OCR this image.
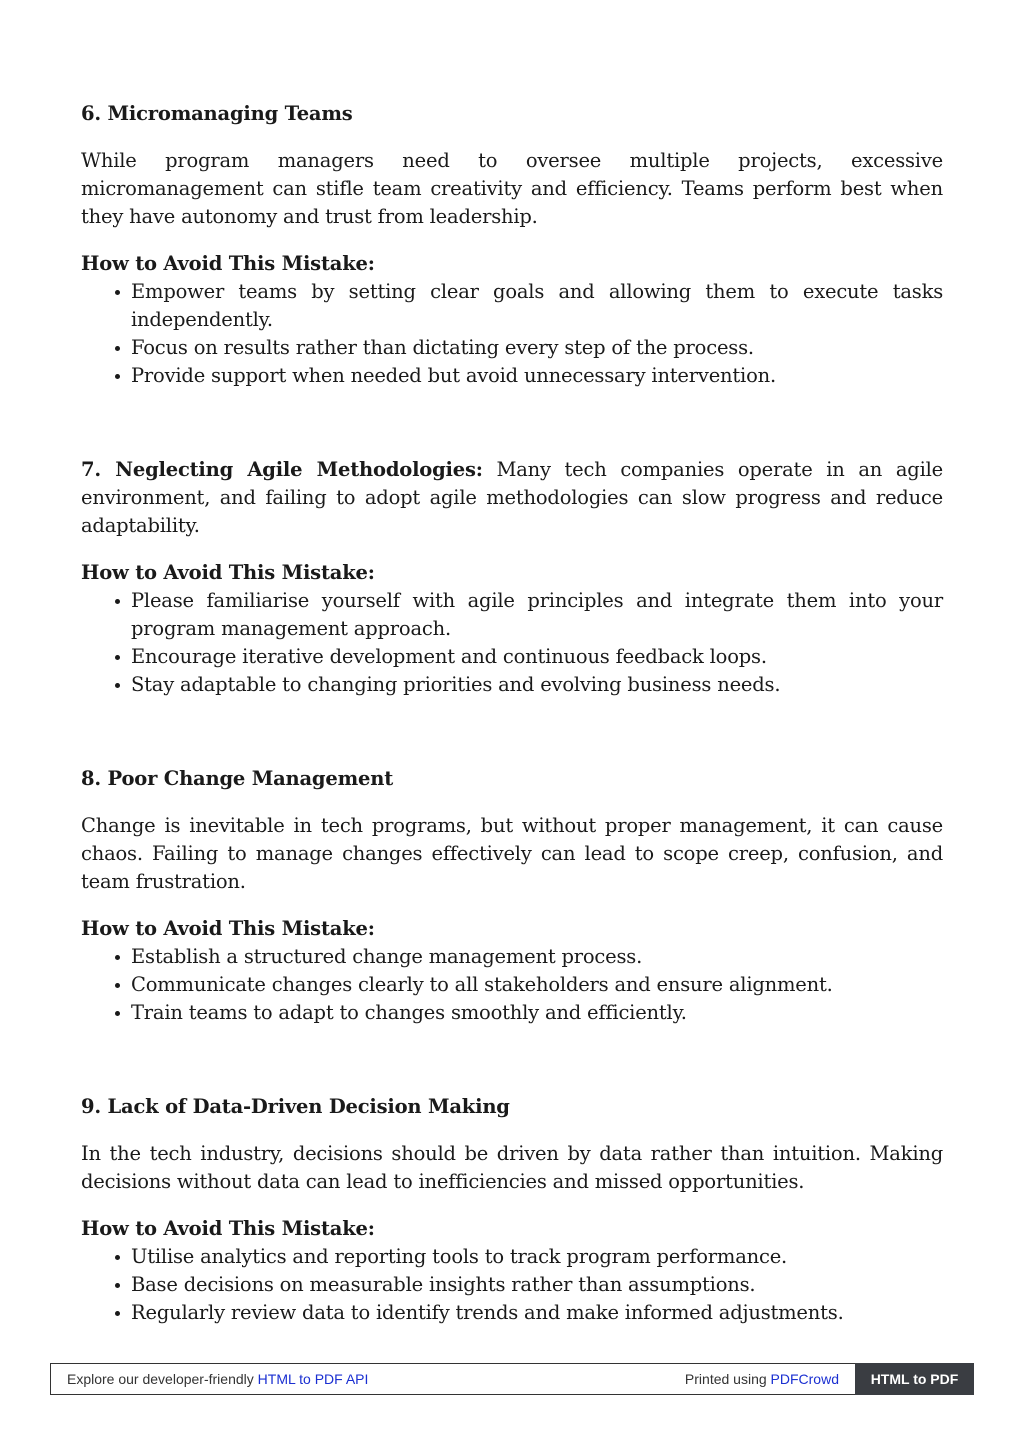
6. Micromanaging Teams

While program managers need to oversee multiple projects, excessive micromanagement can stifle team creativity and efficiency. Teams perform best when they have autonomy and trust from leadership.

How to Avoid This Mistake:

Empower teams by setting clear goals and allowing them to execute tasks independently.
Focus on results rather than dictating every step of the process.
Provide support when needed but avoid unnecessary intervention.

7. Neglecting Agile Methodologies: Many tech companies operate in an agile environment, and failing to adopt agile methodologies can slow progress and reduce adaptability.

How to Avoid This Mistake:

Please familiarise yourself with agile principles and integrate them into your program management approach.
Encourage iterative development and continuous feedback loops.
Stay adaptable to changing priorities and evolving business needs.

8. Poor Change Management

Change is inevitable in tech programs, but without proper management, it can cause chaos. Failing to manage changes effectively can lead to scope creep, confusion, and team frustration.

How to Avoid This Mistake:

Establish a structured change management process.
Communicate changes clearly to all stakeholders and ensure alignment.
Train teams to adapt to changes smoothly and efficiently.

9. Lack of Data-Driven Decision Making

In the tech industry, decisions should be driven by data rather than intuition. Making decisions without data can lead to inefficiencies and missed opportunities.

How to Avoid This Mistake:

Utilise analytics and reporting tools to track program performance.
Base decisions on measurable insights rather than assumptions.
Regularly review data to identify trends and make informed adjustments.
Explore our developer-friendly HTML to PDF API	Printed using PDFCrowd	HTML to PDF
